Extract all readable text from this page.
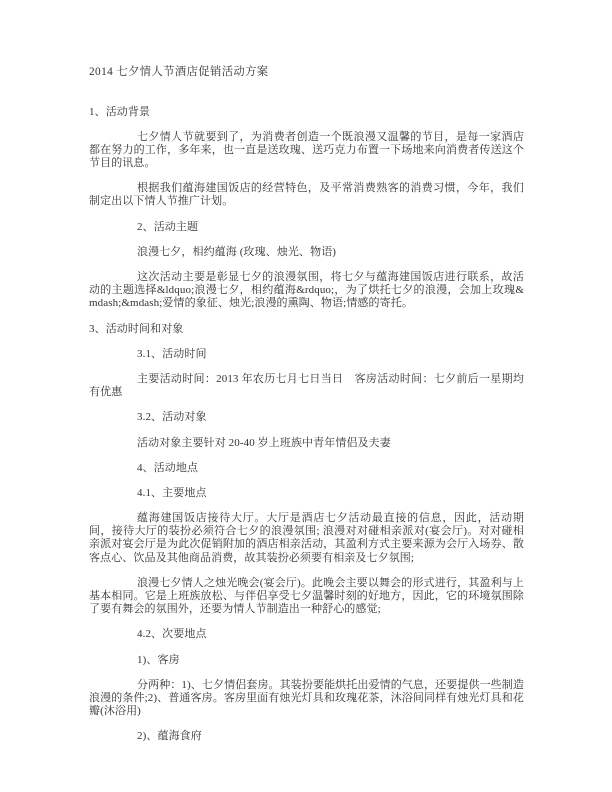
2014 七夕情人节酒店促销活动方案

1、活动背景

七夕情人节就要到了，为消费者创造一个既浪漫又温馨的节目，是每一家酒店都在努力的工作，多年来，也一直是送玫瑰、送巧克力布置一下场地来向消费者传送这个节目的讯息。

根据我们蕴海建国饭店的经营特色，及平常消费熟客的消费习惯，今年，我们制定出以下情人节推广计划。

2、活动主题

浪漫七夕，相约蕴海 (玫瑰、烛光、物语)

这次活动主要是彰显七夕的浪漫氛围，将七夕与蕴海建国饭店进行联系，故活动的主题选择&ldquo;浪漫七夕，相约蕴海&rdquo;，为了烘托七夕的浪漫，会加上玫瑰&mdash;&mdash;爱情的象征、烛光;浪漫的熏陶、物语;情感的寄托。

3、活动时间和对象

3.1、活动时间

主要活动时间：2013 年农历七月七日当日　客房活动时间：七夕前后一星期均有优惠

3.2、活动对象

活动对象主要针对 20-40 岁上班族中青年情侣及夫妻

4、活动地点

4.1、主要地点

蕴海建国饭店接待大厅。大厅是酒店七夕活动最直接的信息，因此，活动期间，接待大厅的装扮必须符合七夕的浪漫氛围; 浪漫对对碰相亲派对(宴会厅)。对对碰相亲派对宴会厅是为此次促销附加的酒店相亲活动，其盈利方式主要来源为会厅入场券、散客点心、饮品及其他商品消费，故其装扮必须要有相亲及七夕氛围;

浪漫七夕情人之烛光晚会(宴会厅)。此晚会主要以舞会的形式进行，其盈利与上基本相同。它是上班族放松、与伴侣享受七夕温馨时刻的好地方，因此，它的环境氛围除了要有舞会的氛围外，还要为情人节制造出一种舒心的感觉;

4.2、次要地点

1)、客房

分两种：1)、七夕情侣套房。其装扮要能烘托出爱情的气息，还要提供一些制造浪漫的条件;2)、普通客房。客房里面有烛光灯具和玫瑰花茶，沐浴间同样有烛光灯具和花瓣(沐浴用)

2)、蕴海食府
